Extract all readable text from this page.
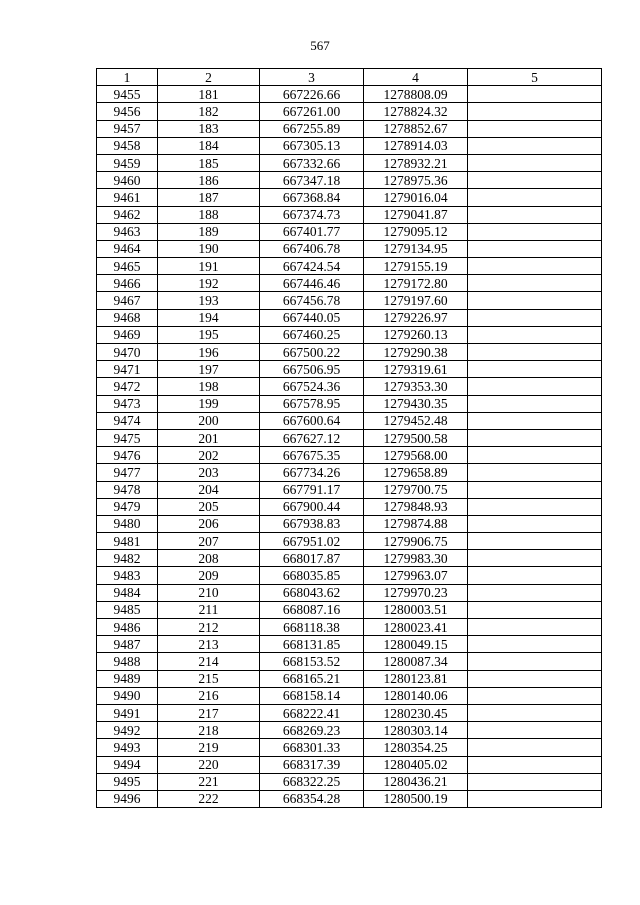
567
1	2	3	4	5
9455	181	667226.66	1278808.09	
9456	182	667261.00	1278824.32	
9457	183	667255.89	1278852.67	
9458	184	667305.13	1278914.03	
9459	185	667332.66	1278932.21	
9460	186	667347.18	1278975.36	
9461	187	667368.84	1279016.04	
9462	188	667374.73	1279041.87	
9463	189	667401.77	1279095.12	
9464	190	667406.78	1279134.95	
9465	191	667424.54	1279155.19	
9466	192	667446.46	1279172.80	
9467	193	667456.78	1279197.60	
9468	194	667440.05	1279226.97	
9469	195	667460.25	1279260.13	
9470	196	667500.22	1279290.38	
9471	197	667506.95	1279319.61	
9472	198	667524.36	1279353.30	
9473	199	667578.95	1279430.35	
9474	200	667600.64	1279452.48	
9475	201	667627.12	1279500.58	
9476	202	667675.35	1279568.00	
9477	203	667734.26	1279658.89	
9478	204	667791.17	1279700.75	
9479	205	667900.44	1279848.93	
9480	206	667938.83	1279874.88	
9481	207	667951.02	1279906.75	
9482	208	668017.87	1279983.30	
9483	209	668035.85	1279963.07	
9484	210	668043.62	1279970.23	
9485	211	668087.16	1280003.51	
9486	212	668118.38	1280023.41	
9487	213	668131.85	1280049.15	
9488	214	668153.52	1280087.34	
9489	215	668165.21	1280123.81	
9490	216	668158.14	1280140.06	
9491	217	668222.41	1280230.45	
9492	218	668269.23	1280303.14	
9493	219	668301.33	1280354.25	
9494	220	668317.39	1280405.02	
9495	221	668322.25	1280436.21	
9496	222	668354.28	1280500.19	
